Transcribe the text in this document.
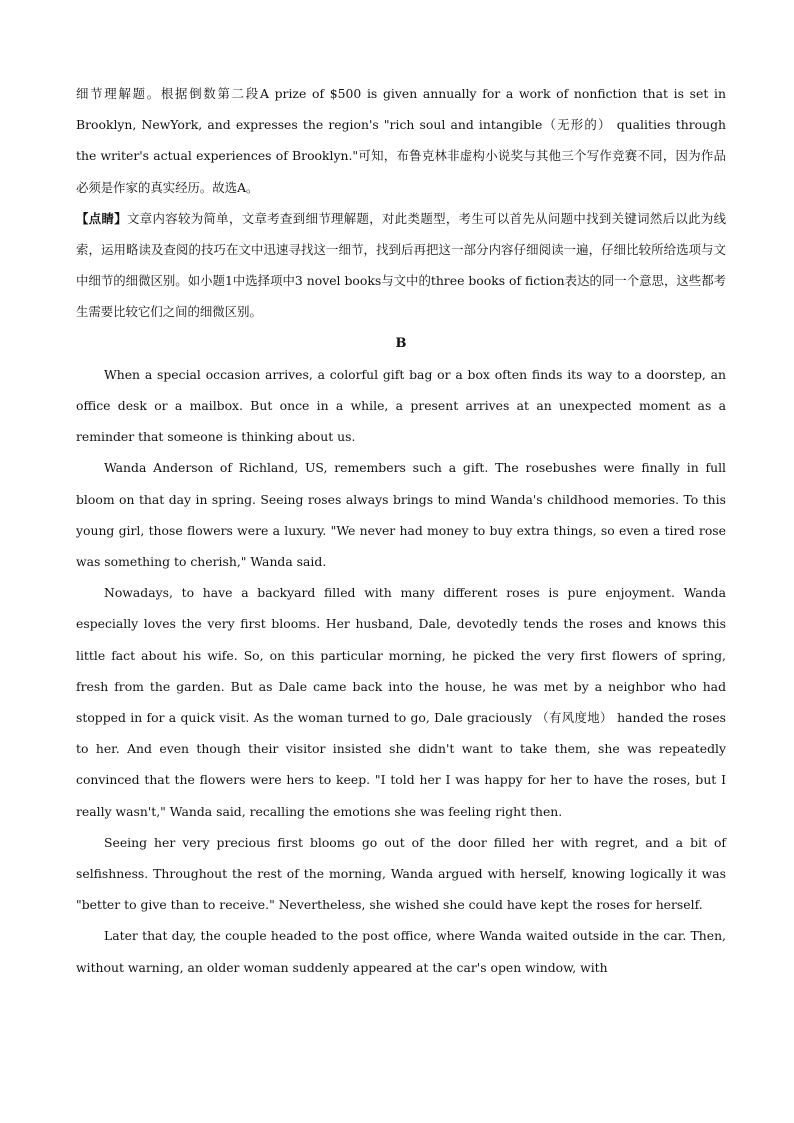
细节理解题。根据倒数第二段A prize of $500 is given annually for a work of nonfiction that is set in Brooklyn, NewYork, and expresses the region's "rich soul and intangible（无形的） qualities through the writer's actual experiences of Brooklyn."可知，布鲁克林非虚构小说奖与其他三个写作竞赛不同，因为作品必须是作家的真实经历。故选A。

【点睛】文章内容较为简单，文章考查到细节理解题，对此类题型，考生可以首先从问题中找到关键词然后以此为线索，运用略读及查阅的技巧在文中迅速寻找这一细节，找到后再把这一部分内容仔细阅读一遍，仔细比较所给选项与文中细节的细微区别。如小题1中选择项中3 novel books与文中的three books of fiction表达的同一个意思，这些都考生需要比较它们之间的细微区别。

B

When a special occasion arrives, a colorful gift bag or a box often finds its way to a doorstep, an office desk or a mailbox. But once in a while, a present arrives at an unexpected moment as a reminder that someone is thinking about us.

Wanda Anderson of Richland, US, remembers such a gift. The rosebushes were finally in full bloom on that day in spring. Seeing roses always brings to mind Wanda's childhood memories. To this young girl, those flowers were a luxury. "We never had money to buy extra things, so even a tired rose was something to cherish," Wanda said.

Nowadays, to have a backyard filled with many different roses is pure enjoyment. Wanda especially loves the very first blooms. Her husband, Dale, devotedly tends the roses and knows this little fact about his wife. So, on this particular morning, he picked the very first flowers of spring, fresh from the garden. But as Dale came back into the house, he was met by a neighbor who had stopped in for a quick visit. As the woman turned to go, Dale graciously （有风度地） handed the roses to her. And even though their visitor insisted she didn't want to take them, she was repeatedly convinced that the flowers were hers to keep. "I told her I was happy for her to have the roses, but I really wasn't," Wanda said, recalling the emotions she was feeling right then.

Seeing her very precious first blooms go out of the door filled her with regret, and a bit of selfishness. Throughout the rest of the morning, Wanda argued with herself, knowing logically it was "better to give than to receive." Nevertheless, she wished she could have kept the roses for herself.

Later that day, the couple headed to the post office, where Wanda waited outside in the car. Then, without warning, an older woman suddenly appeared at the car's open window, with
